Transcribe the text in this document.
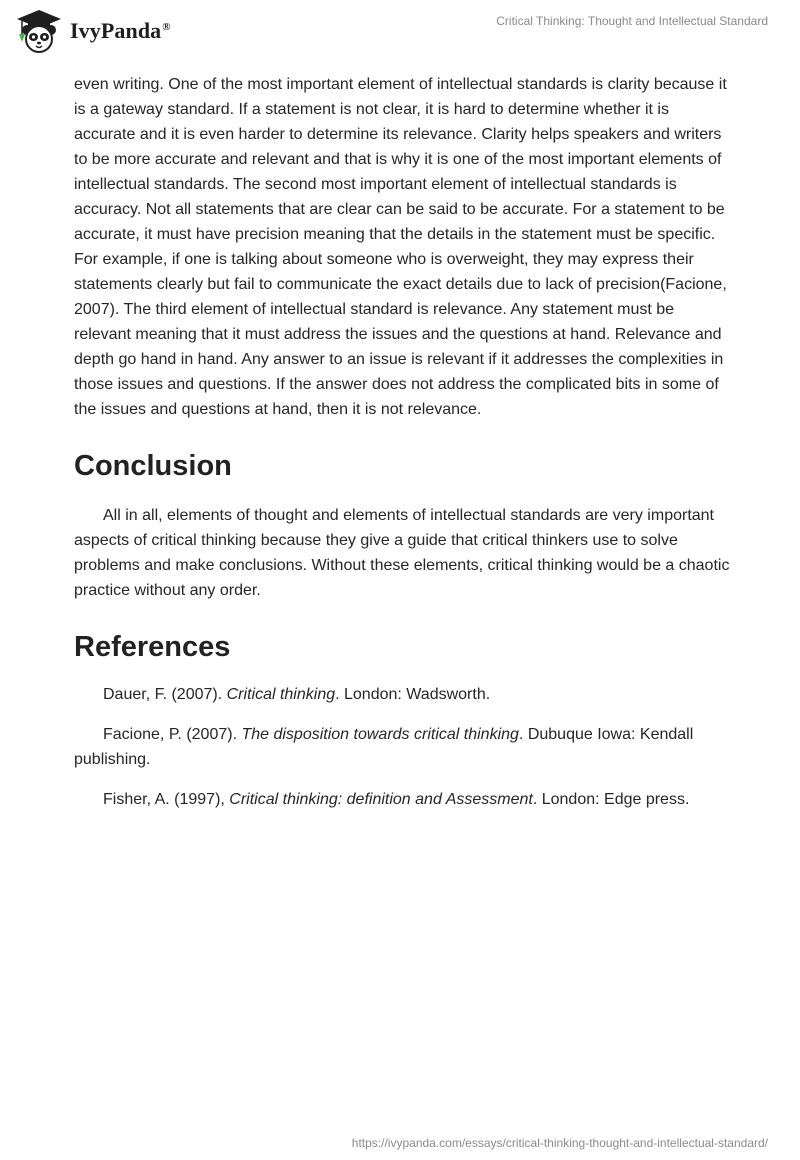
IvyPanda®	Critical Thinking: Thought and Intellectual Standard

even writing. One of the most important element of intellectual standards is clarity because it is a gateway standard. If a statement is not clear, it is hard to determine whether it is accurate and it is even harder to determine its relevance. Clarity helps speakers and writers to be more accurate and relevant and that is why it is one of the most important elements of intellectual standards. The second most important element of intellectual standards is accuracy. Not all statements that are clear can be said to be accurate. For a statement to be accurate, it must have precision meaning that the details in the statement must be specific. For example, if one is talking about someone who is overweight, they may express their statements clearly but fail to communicate the exact details due to lack of precision(Facione, 2007). The third element of intellectual standard is relevance. Any statement must be relevant meaning that it must address the issues and the questions at hand. Relevance and depth go hand in hand. Any answer to an issue is relevant if it addresses the complexities in those issues and questions. If the answer does not address the complicated bits in some of the issues and questions at hand, then it is not relevance.

Conclusion

All in all, elements of thought and elements of intellectual standards are very important aspects of critical thinking because they give a guide that critical thinkers use to solve problems and make conclusions. Without these elements, critical thinking would be a chaotic practice without any order.

References

Dauer, F. (2007). Critical thinking. London: Wadsworth.

Facione, P. (2007). The disposition towards critical thinking. Dubuque Iowa: Kendall publishing.

Fisher, A. (1997), Critical thinking: definition and Assessment. London: Edge press.

https://ivypanda.com/essays/critical-thinking-thought-and-intellectual-standard/
